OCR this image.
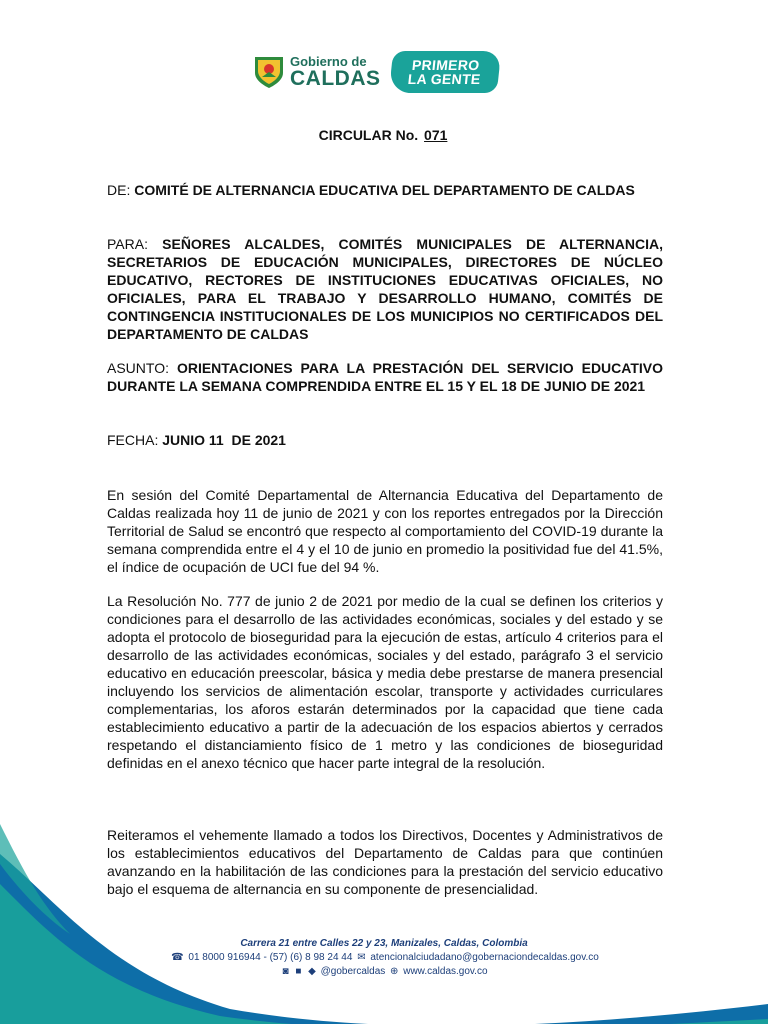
Gobierno de
CALDAS
PRIMERO
LA GENTE
CIRCULAR No. 071
DE: COMITÉ DE ALTERNANCIA EDUCATIVA DEL DEPARTAMENTO DE CALDAS
PARA: SEÑORES ALCALDES, COMITÉS MUNICIPALES DE ALTERNANCIA, SECRETARIOS DE EDUCACIÓN MUNICIPALES, DIRECTORES DE NÚCLEO EDUCATIVO, RECTORES DE INSTITUCIONES EDUCATIVAS OFICIALES, NO OFICIALES, PARA EL TRABAJO Y DESARROLLO HUMANO, COMITÉS DE CONTINGENCIA INSTITUCIONALES DE LOS MUNICIPIOS NO CERTIFICADOS DEL DEPARTAMENTO DE CALDAS
ASUNTO: ORIENTACIONES PARA LA PRESTACIÓN DEL SERVICIO EDUCATIVO DURANTE LA SEMANA COMPRENDIDA ENTRE EL 15 Y EL 18 DE JUNIO DE 2021
FECHA: JUNIO 11  DE 2021

En sesión del Comité Departamental de Alternancia Educativa del Departamento de Caldas realizada hoy 11 de junio de 2021 y con los reportes entregados por la Dirección Territorial de Salud se encontró que respecto al comportamiento del COVID-19 durante la semana comprendida entre el 4 y el 10 de junio en promedio la positividad fue del 41.5%, el índice de ocupación de UCI fue del 94 %.

La Resolución No. 777 de junio 2 de 2021 por medio de la cual se definen los criterios y condiciones para el desarrollo de las actividades económicas, sociales y del estado y se adopta el protocolo de bioseguridad para la ejecución de estas, artículo 4 criterios para el desarrollo de las actividades económicas, sociales y del estado, parágrafo 3 el servicio educativo en educación preescolar, básica y media debe prestarse de manera presencial incluyendo los servicios de alimentación escolar, transporte y actividades curriculares complementarias, los aforos estarán determinados por la capacidad que tiene cada establecimiento educativo a partir de la adecuación de los espacios abiertos y cerrados respetando el distanciamiento físico de 1 metro y las condiciones de bioseguridad definidas en el anexo técnico que hacer parte integral de la resolución.

Reiteramos el vehemente llamado a todos los Directivos, Docentes y Administrativos de los establecimientos educativos del Departamento de Caldas para que continúen avanzando en la habilitación de las condiciones para la prestación del servicio educativo bajo el esquema de alternancia en su componente de presencialidad.

Carrera 21 entre Calles 22 y 23, Manizales, Caldas, Colombia
☎ 01 8000 916944 - (57) (6) 8 98 24 44 ✉ atencionalciudadano@gobernaciondecaldas.gov.co
◙ ■ ◆ @gobercaldas ⊕ www.caldas.gov.co
